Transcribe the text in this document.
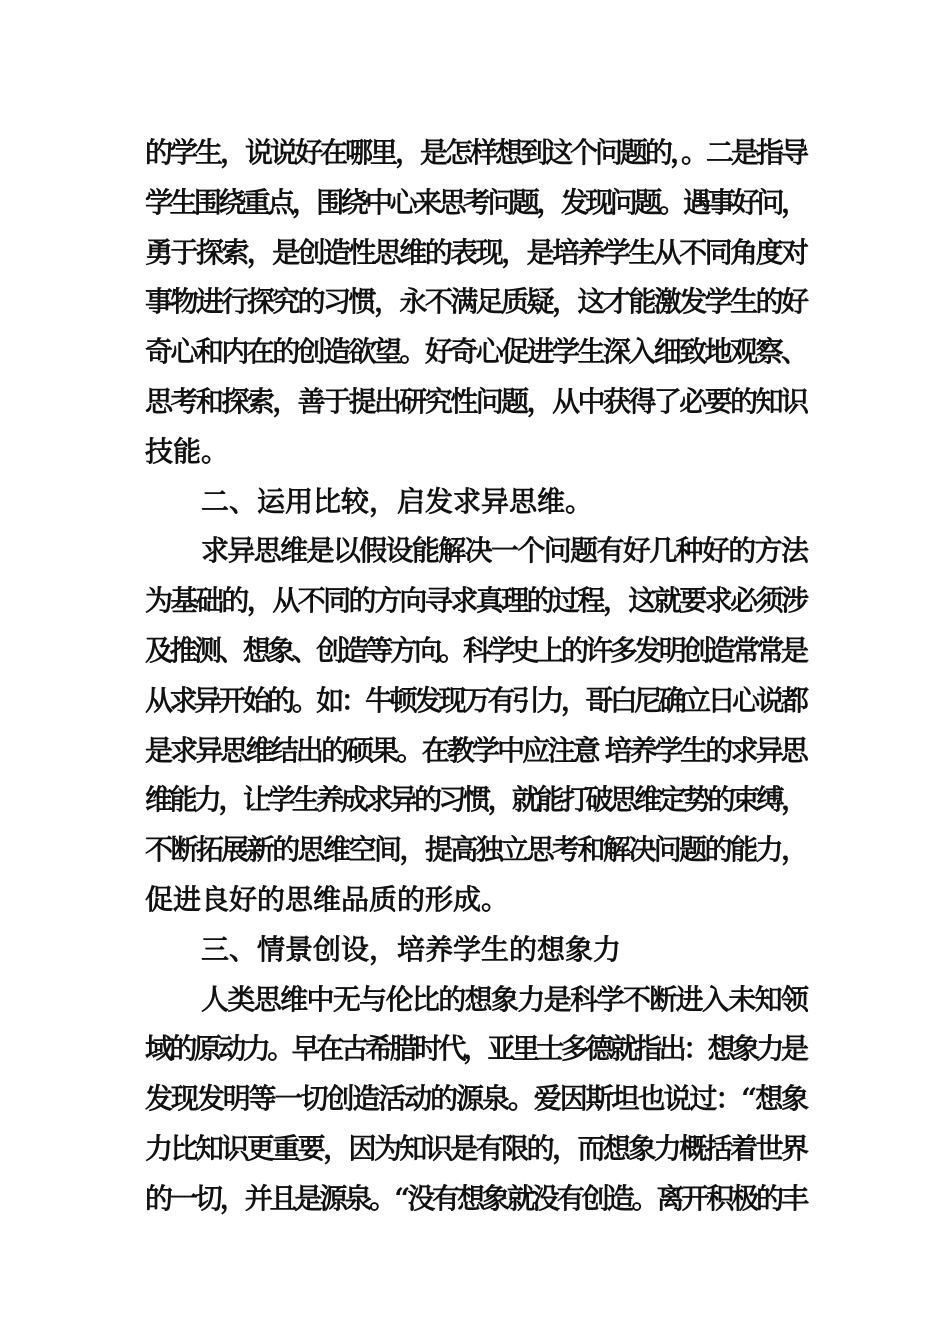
的学生，说说好在哪里，是怎样想到这个问题的，。二是指导
学生围绕重点，围绕中心来思考问题，发现问题。遇事好问，
勇于探索，是创造性思维的表现，是培养学生从不同角度对
事物进行探究的习惯，永不满足质疑，这才能激发学生的好
奇心和内在的创造欲望。好奇心促进学生深入细致地观察、
思考和探索，善于提出研究性问题，从中获得了必要的知识
技能。
二、运用比较，启发求异思维。
求异思维是以假设能解决一个问题有好几种好的方法
为基础的，从不同的方向寻求真理的过程，这就要求必须涉
及推测、想象、创造等方向。科学史上的许多发明创造常常是
从求异开始的。如：牛顿发现万有引力，哥白尼确立日心说都
是求异思维结出的硕果。在教学中应注意 培养学生的求异思
维能力，让学生养成求异的习惯，就能打破思维定势的束缚，
不断拓展新的思维空间，提高独立思考和解决问题的能力，
促进良好的思维品质的形成。
三、情景创设，培养学生的想象力
人类思维中无与伦比的想象力是科学不断进入未知领
域的原动力。早在古希腊时代，亚里士多德就指出：想象力是
发现发明等一切创造活动的源泉。爱因斯坦也说过：“想象
力比知识更重要，因为知识是有限的，而想象力概括着世界
的一切，并且是源泉。“没有想象就没有创造。离开积极的丰
